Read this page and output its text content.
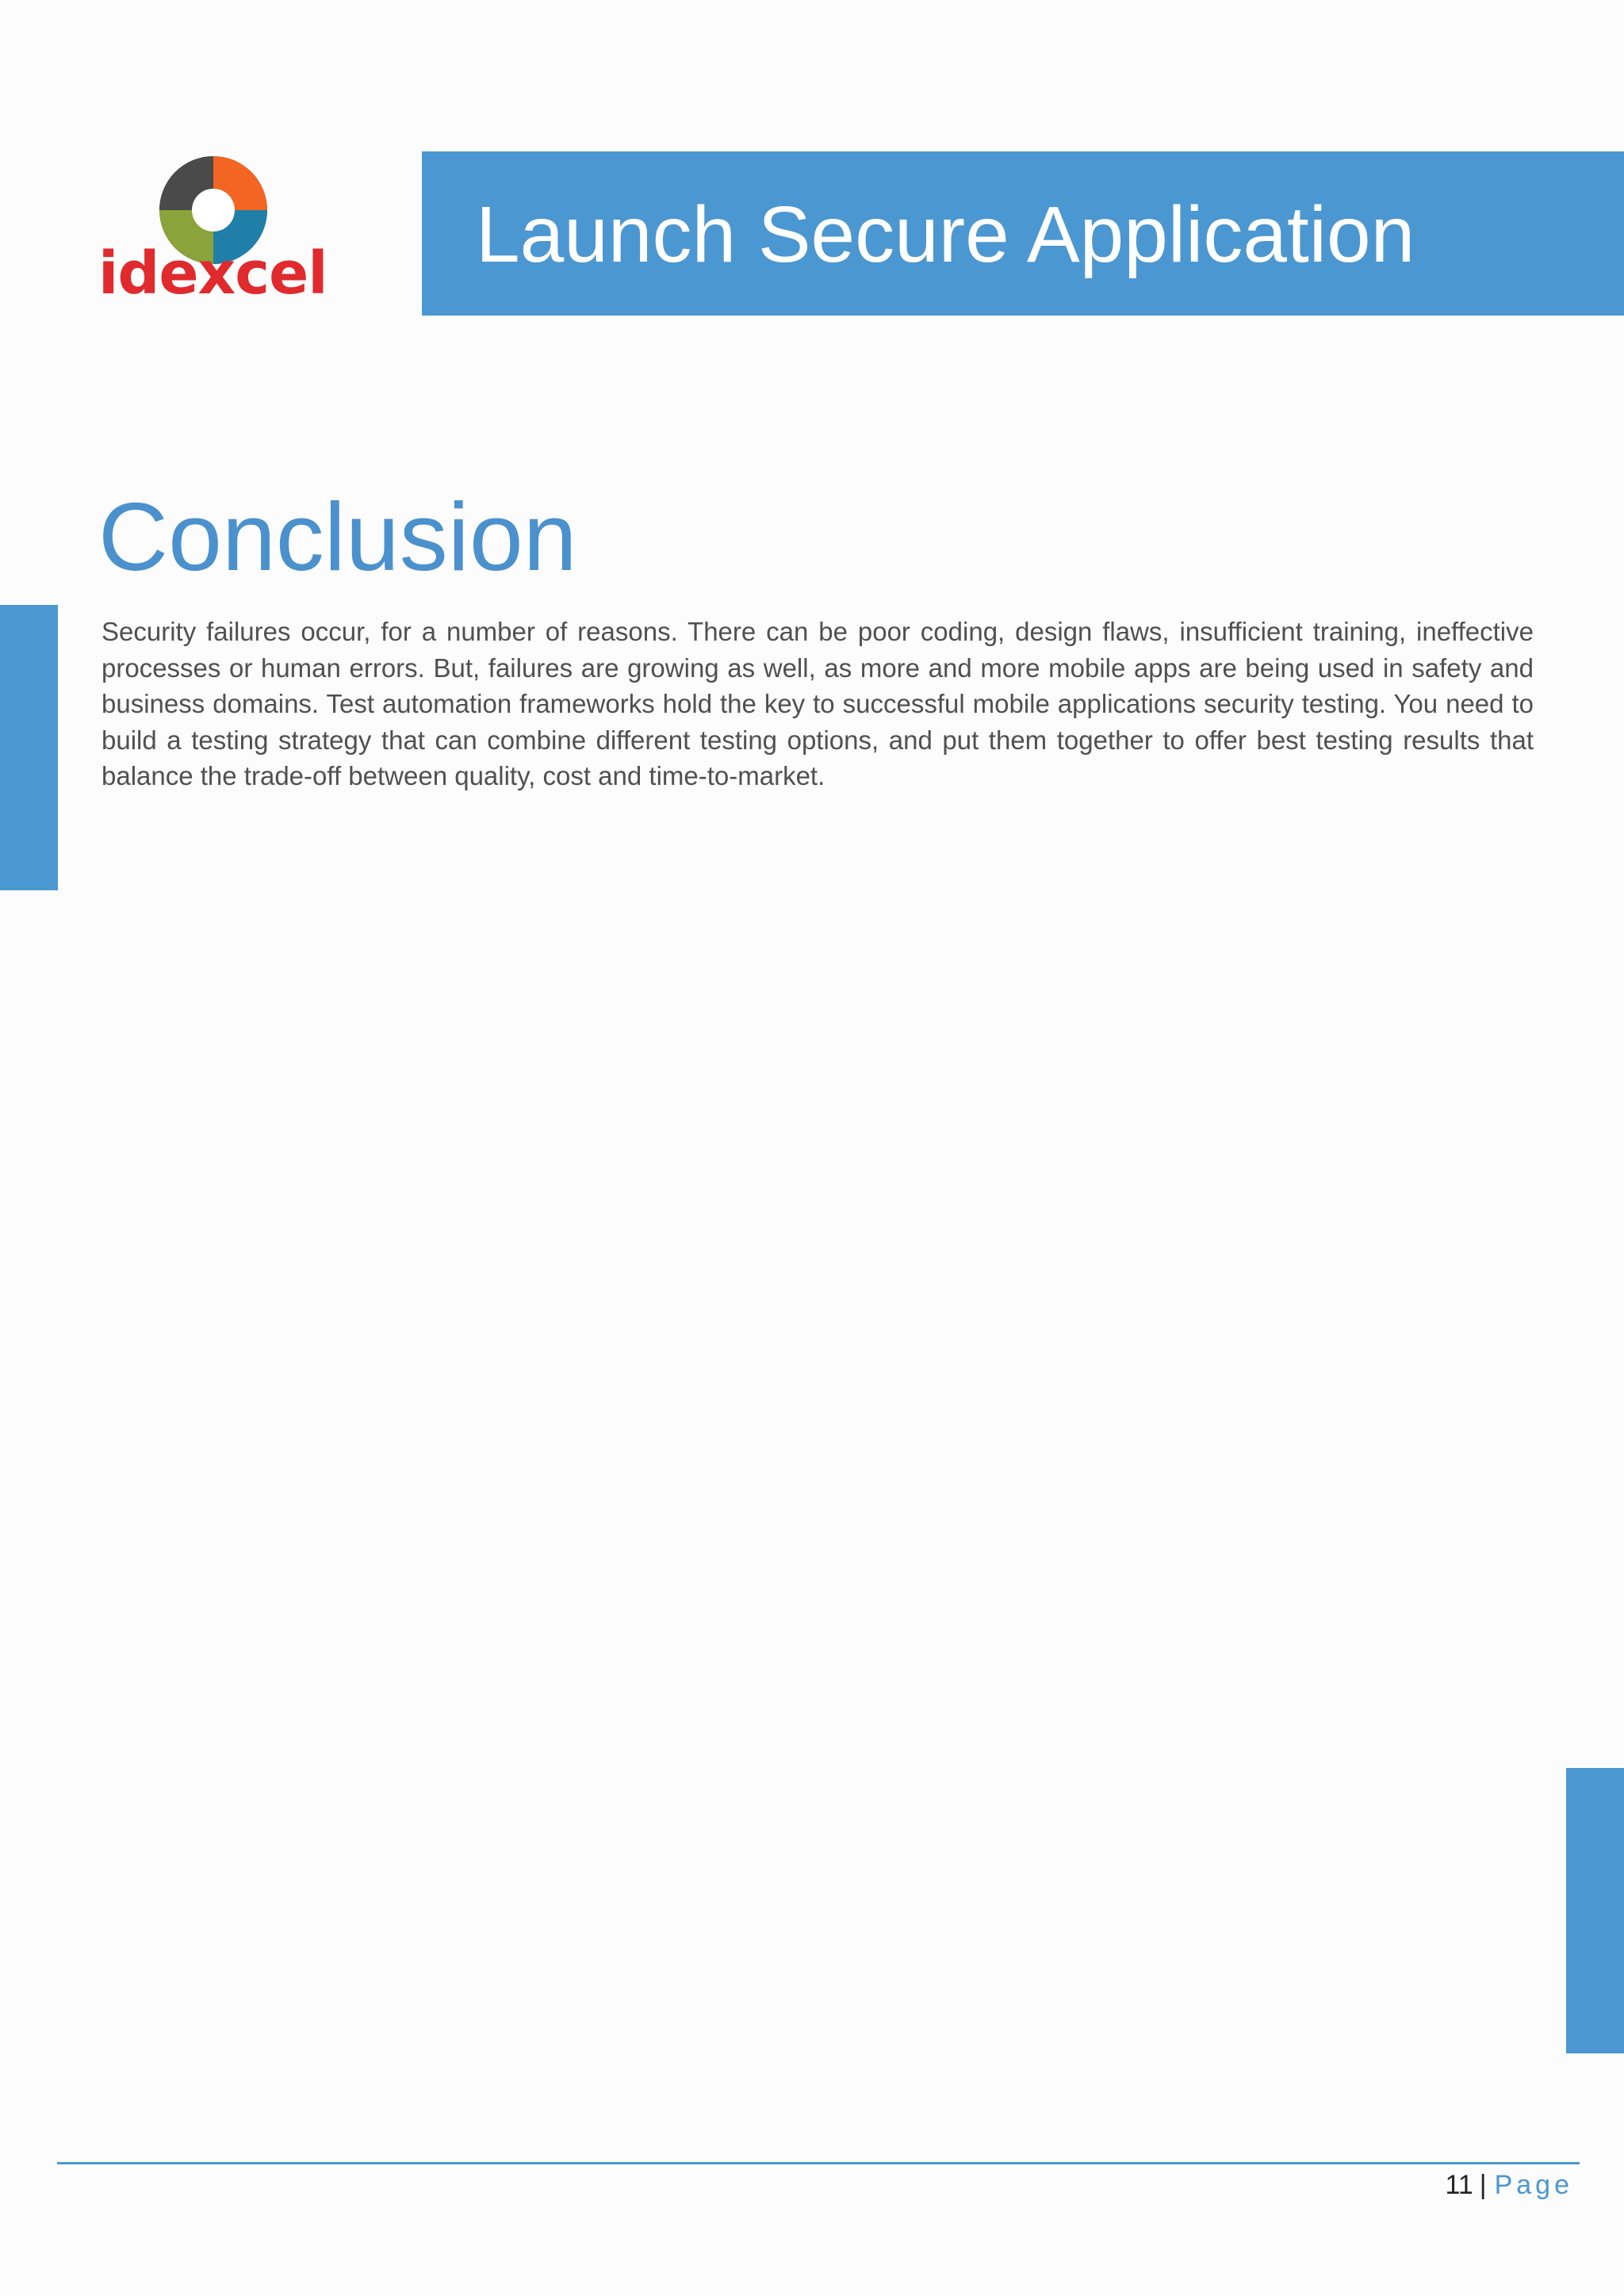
idexcel Launch Secure Application
Conclusion

Security failures occur, for a number of reasons. There can be poor coding, design flaws, insufficient training, ineffective processes or human errors. But, failures are growing as well, as more and more mobile apps are being used in safety and business domains. Test automation frameworks hold the key to successful mobile applications security testing. You need to build a testing strategy that can combine different testing options, and put them together to offer best testing results that balance the trade-off between quality, cost and time-to-market.

11 | Page
